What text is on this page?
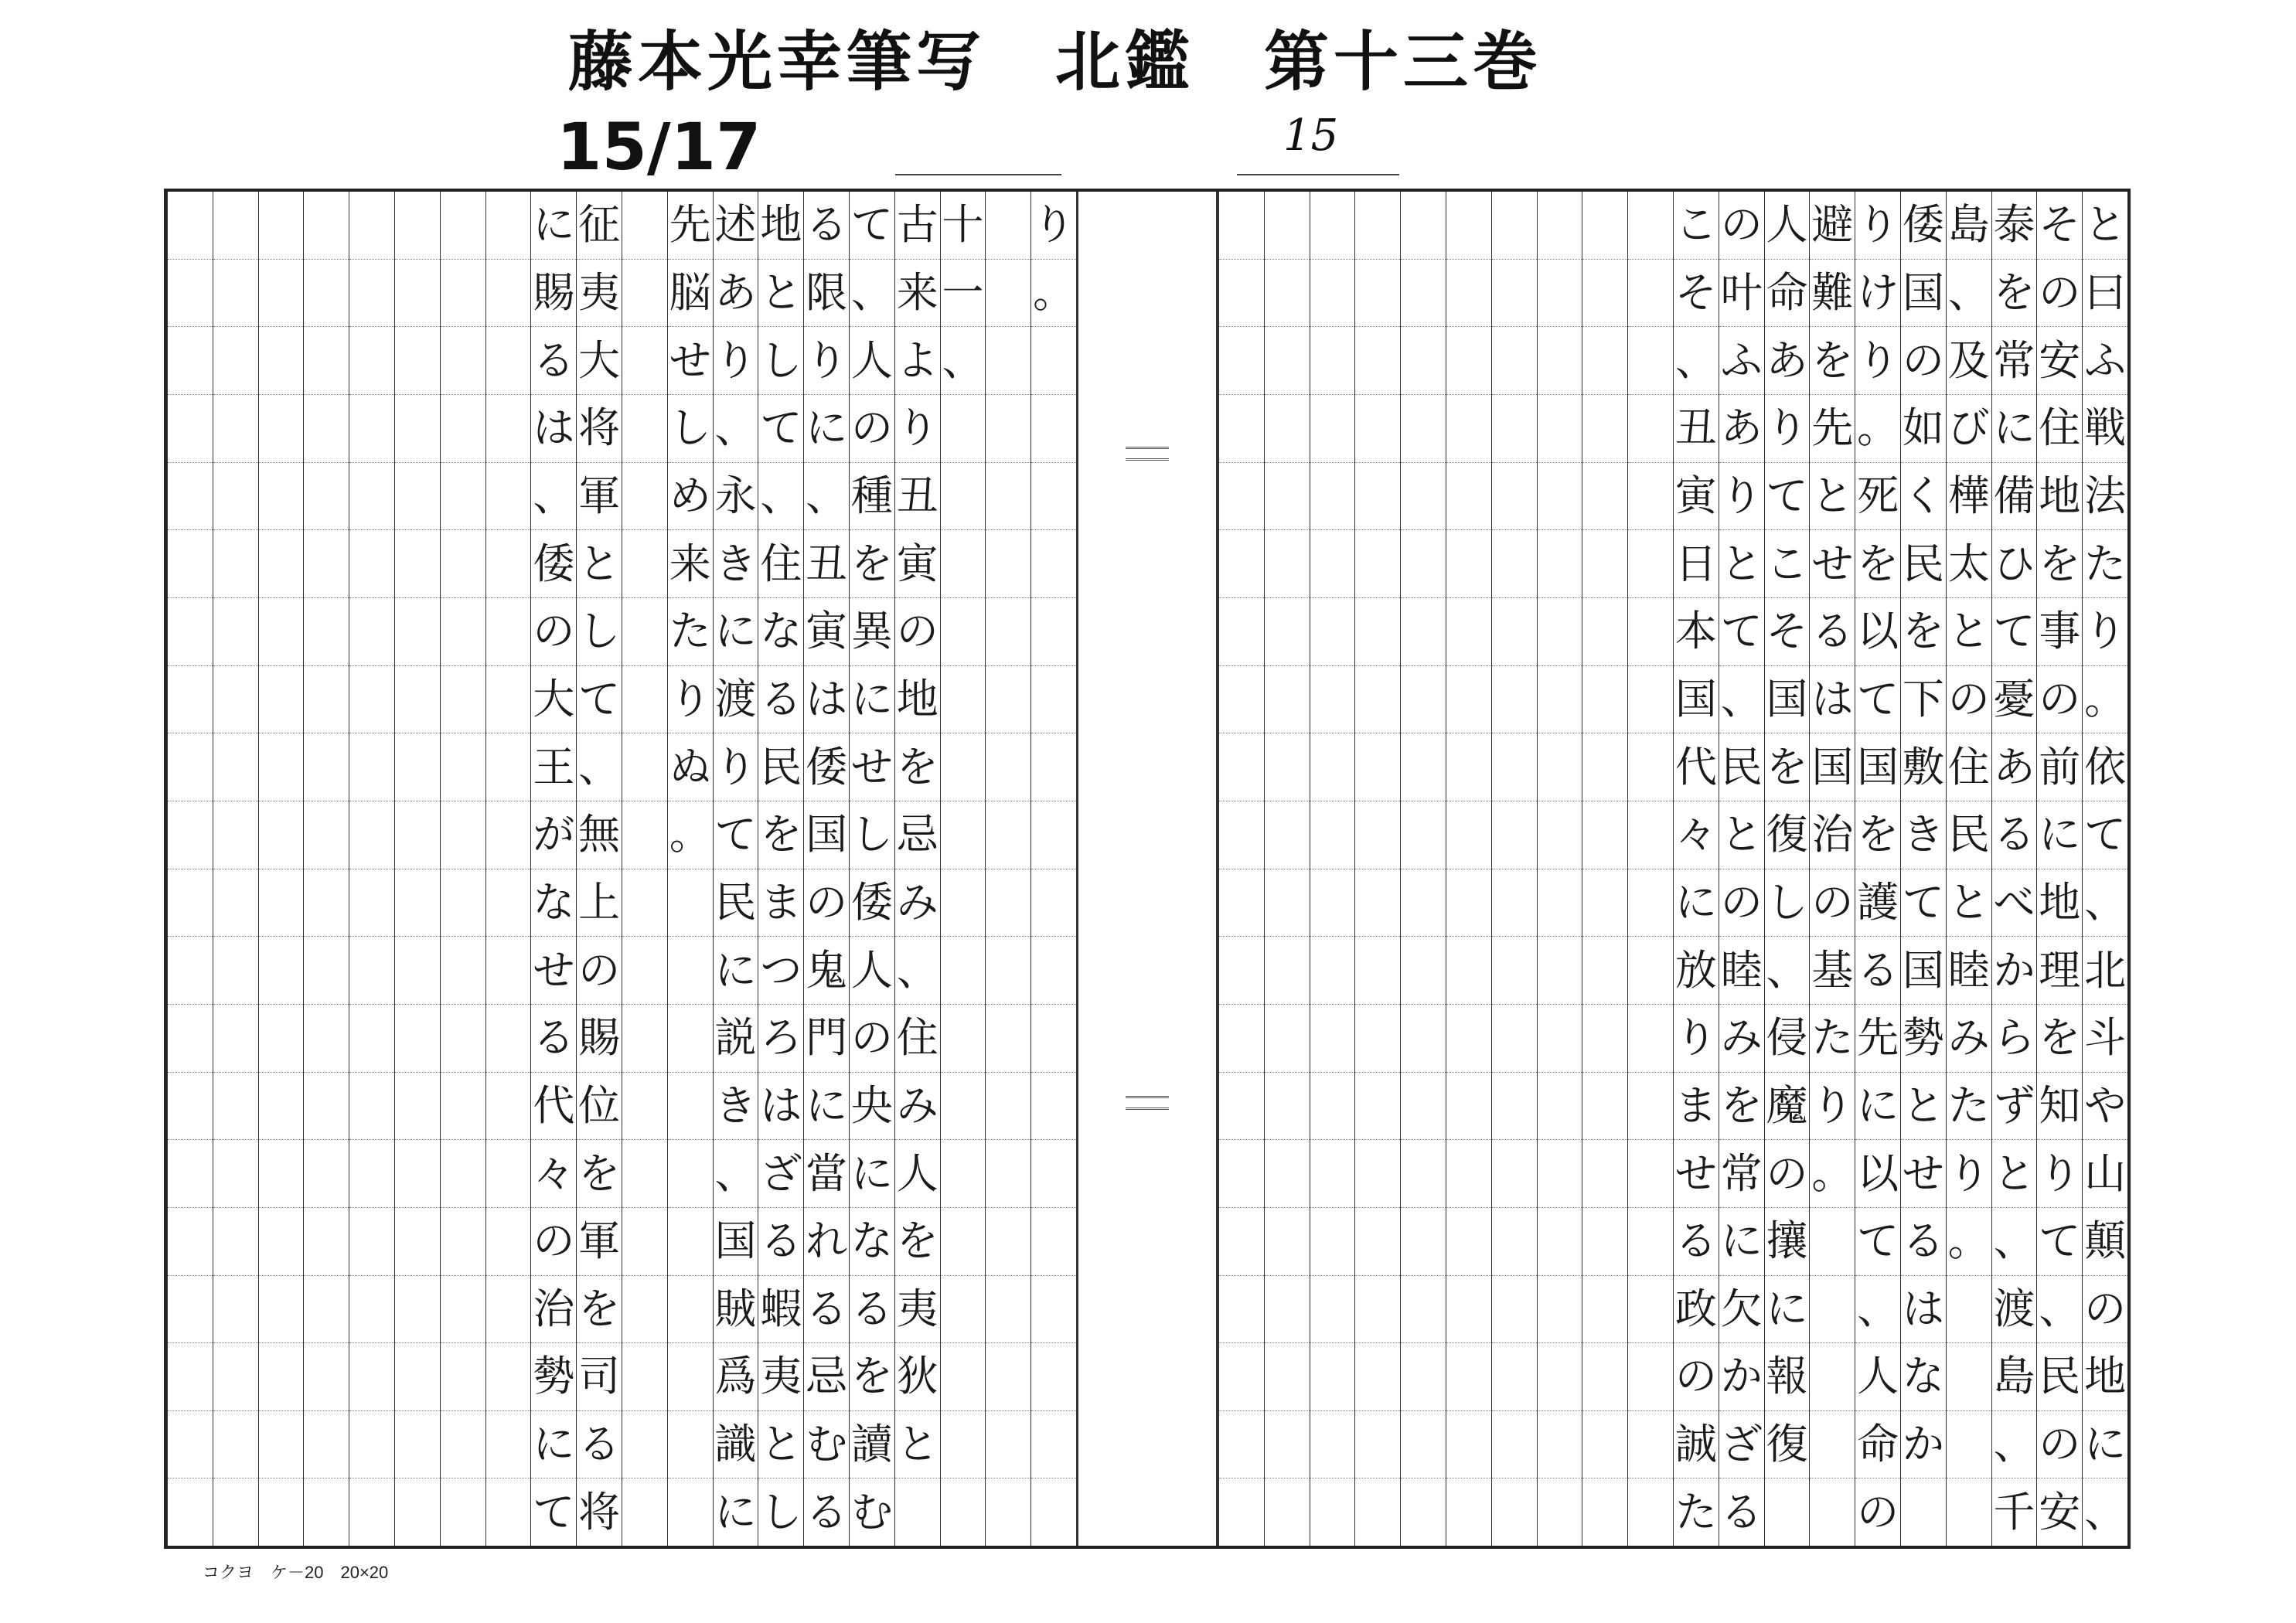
藤本光幸筆写　北鑑　第十三巻
15/17	15
と
曰
ふ
戦
法
た
り
。
依
て
、
北
斗
や
山
顛
の
地
に
、
そ
の
安
住
地
を
事
の
前
に
地
理
を
知
り
て
、
民
の
安
泰
を
常
に
備
ひ
て
憂
あ
る
べ
か
ら
ず
と
、
渡
島
、
千
島
、
及
び
樺
太
と
の
住
民
と
睦
み
た
り
。
倭
国
の
如
く
民
を
下
敷
き
て
国
勢
と
せ
る
は
な
か
り
け
り
。
死
を
以
て
国
を
護
る
先
に
以
て
、
人
命
の
避
難
を
先
と
せ
る
は
国
治
の
基
た
り
。
人
命
あ
り
て
こ
そ
国
を
復
し
、
侵
魔
の
攘
に
報
復
の
叶
ふ
あ
り
と
て
、
民
と
の
睦
み
を
常
に
欠
か
ざ
る
こ
そ
、
丑
寅
日
本
国
代
々
に
放
り
ま
せ
る
政
の
誠
た
り
。
十
一
、
古
来
よ
り
丑
寅
の
地
を
忌
み
、
住
み
人
を
夷
狄
と
て
、
人
の
種
を
異
に
せ
し
倭
人
の
央
に
な
る
を
讀
む
る
限
り
に
、
丑
寅
は
倭
国
の
鬼
門
に
當
れ
る
忌
む
る
地
と
し
て
、
住
な
る
民
を
ま
つ
ろ
は
ざ
る
蝦
夷
と
し
述
あ
り
、
永
き
に
渡
り
て
民
に
説
き
、
国
賊
爲
識
に
先
脳
せ
し
め
来
た
り
ぬ
。
征
夷
大
将
軍
と
し
て
、
無
上
の
賜
位
を
軍
を
司
る
将
に
賜
る
は
、
倭
の
大
王
が
な
せ
る
代
々
の
治
勢
に
て
コクヨ　ケ－20　20×20
